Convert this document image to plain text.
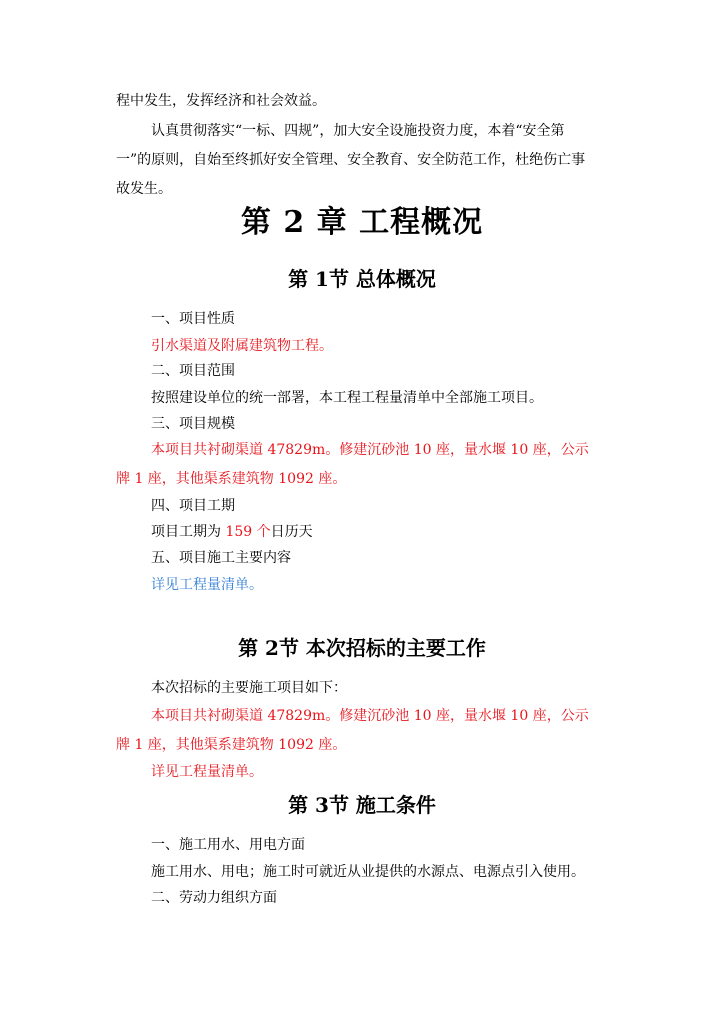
程中发生，发挥经济和社会效益。
认真贯彻落实“一标、四规”，加大安全设施投资力度，本着“安全第
一”的原则，自始至终抓好安全管理、安全教育、安全防范工作，杜绝伤亡事
故发生。
第 2 章 工程概况
第 1节 总体概况
一、项目性质
引水渠道及附属建筑物工程。
二、项目范围
按照建设单位的统一部署，本工程工程量清单中全部施工项目。
三、项目规模
本项目共衬砌渠道 47829m。修建沉砂池 10 座，量水堰 10 座，公示
牌 1 座，其他渠系建筑物 1092 座。
四、项目工期
项目工期为 159 个日历天
五、项目施工主要内容
详见工程量清单。
第 2节 本次招标的主要工作
本次招标的主要施工项目如下：
本项目共衬砌渠道 47829m。修建沉砂池 10 座，量水堰 10 座，公示
牌 1 座，其他渠系建筑物 1092 座。
详见工程量清单。
第 3节 施工条件
一、施工用水、用电方面
施工用水、用电；施工时可就近从业提供的水源点、电源点引入使用。
二、劳动力组织方面
